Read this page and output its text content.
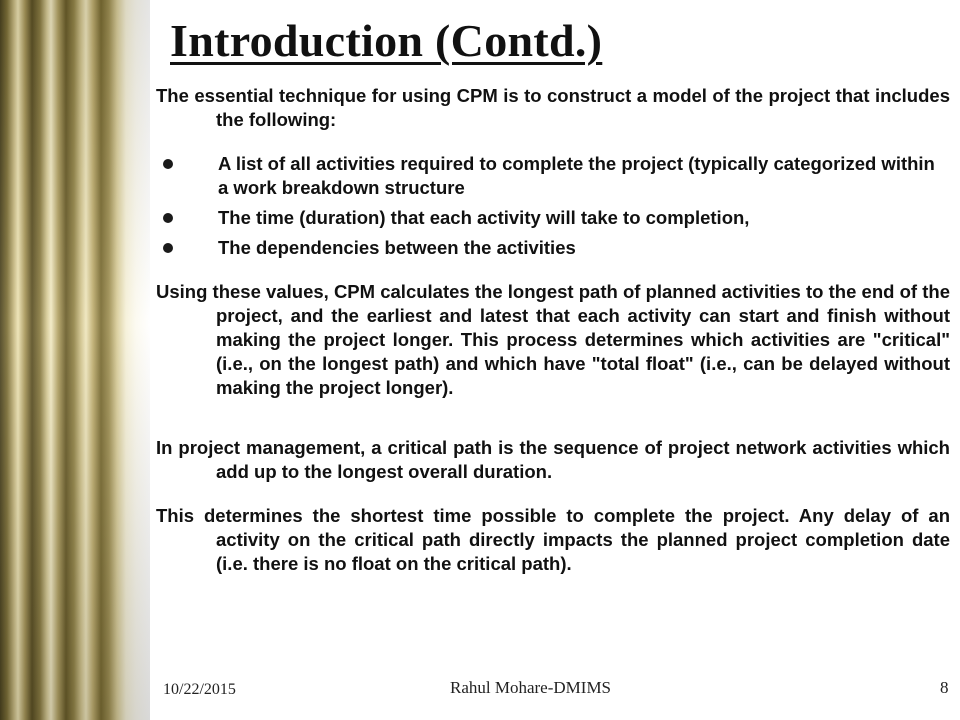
Introduction (Contd.)

The essential technique for using CPM is to construct a model of the project that includes the following:

A list of all activities required to complete the project (typically categorized within a work breakdown structure
The time (duration) that each activity will take to completion,
The dependencies between the activities

Using these values, CPM calculates the longest path of planned activities to the end of the project, and the earliest and latest that each activity can start and finish without making the project longer. This process determines which activities are "critical" (i.e., on the longest path) and which have "total float" (i.e., can be delayed without making the project longer).

In project management, a critical path is the sequence of project network activities which add up to the longest overall duration.

This determines the shortest time possible to complete the project. Any delay of an activity on the critical path directly impacts the planned project completion date (i.e. there is no float on the critical path).

10/22/2015	Rahul Mohare-DMIMS	8
